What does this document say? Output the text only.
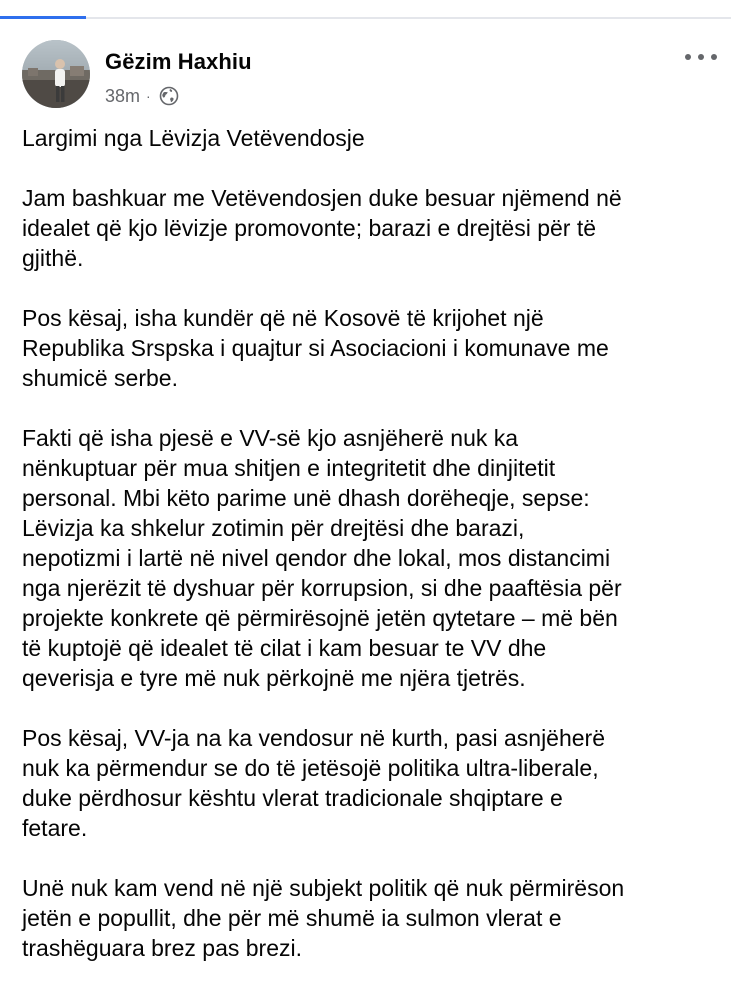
Gëzim Haxhiu
38m ·

Largimi nga Lëvizja Vetëvendosje

Jam bashkuar me Vetëvendosjen duke besuar njëmend në
idealet që kjo lëvizje promovonte; barazi e drejtësi për të
gjithë.

Pos kësaj, isha kundër që në Kosovë të krijohet një
Republika Srspska i quajtur si Asociacioni i komunave me
shumicë serbe.

Fakti që isha pjesë e VV-së kjo asnjëherë nuk ka
nënkuptuar për mua shitjen e integritetit dhe dinjitetit
personal. Mbi këto parime unë dhash dorëheqje, sepse:
Lëvizja ka shkelur zotimin për drejtësi dhe barazi,
nepotizmi i lartë në nivel qendor dhe lokal, mos distancimi
nga njerëzit të dyshuar për korrupsion, si dhe paaftësia për
projekte konkrete që përmirësojnë jetën qytetare – më bën
të kuptojë që idealet të cilat i kam besuar te VV dhe
qeverisja e tyre më nuk përkojnë me njëra tjetrës.

Pos kësaj, VV-ja na ka vendosur në kurth, pasi asnjëherë
nuk ka përmendur se do të jetësojë politika ultra-liberale,
duke përdhosur kështu vlerat tradicionale shqiptare e
fetare.

Unë nuk kam vend në një subjekt politik që nuk përmirëson
jetën e popullit, dhe për më shumë ia sulmon vlerat e
trashëguara brez pas brezi.
